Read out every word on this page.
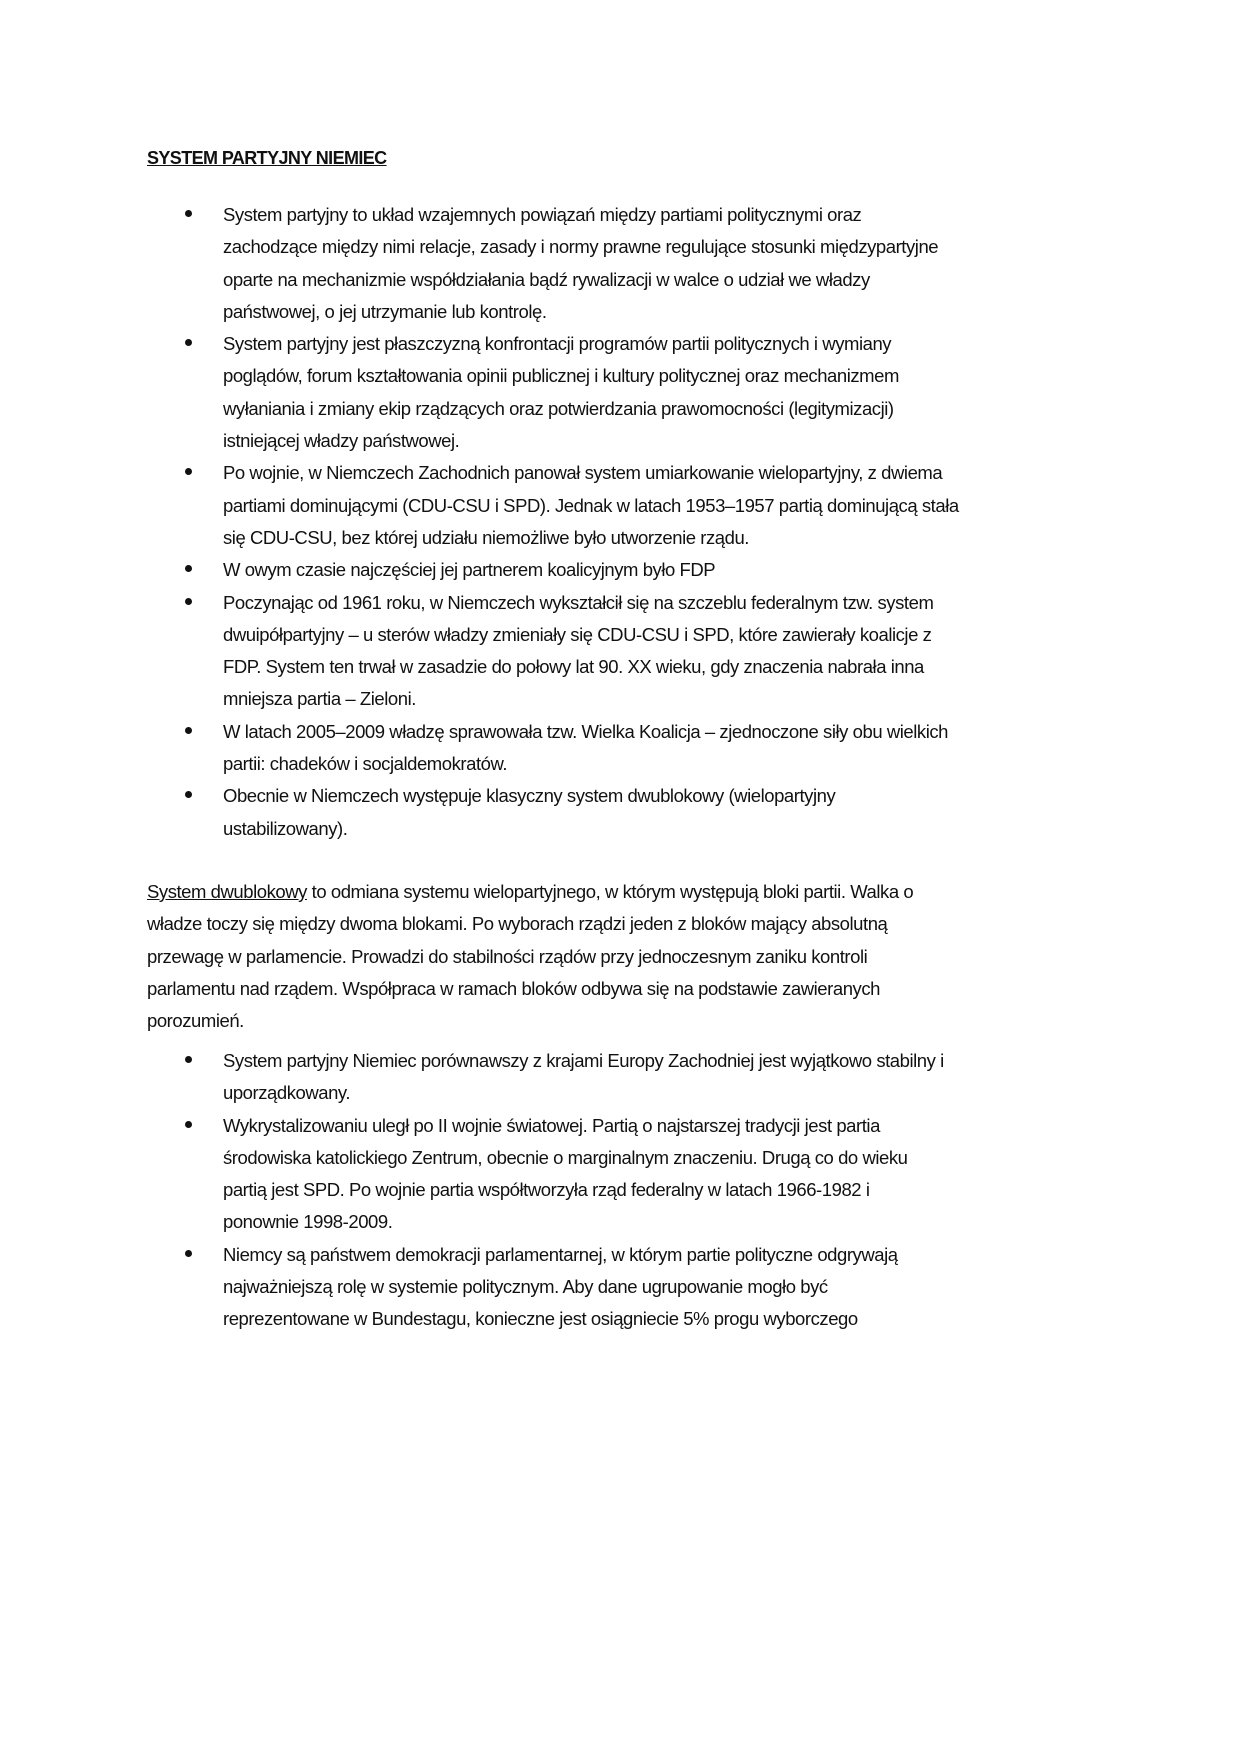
SYSTEM PARTYJNY NIEMIEC
System partyjny to układ wzajemnych powiązań między partiami politycznymi oraz
zachodzące między nimi relacje, zasady i normy prawne regulujące stosunki międzypartyjne
oparte na mechanizmie współdziałania bądź rywalizacji w walce o udział we władzy
państwowej, o jej utrzymanie lub kontrolę.
System partyjny jest płaszczyzną konfrontacji programów partii politycznych i wymiany
poglądów, forum kształtowania opinii publicznej i kultury politycznej oraz mechanizmem
wyłaniania i zmiany ekip rządzących oraz potwierdzania prawomocności (legitymizacji)
istniejącej władzy państwowej.
Po wojnie, w Niemczech Zachodnich panował system umiarkowanie wielopartyjny, z dwiema
partiami dominującymi (CDU-CSU i SPD). Jednak w latach 1953–1957 partią dominującą stała
się CDU-CSU, bez której udziału niemożliwe było utworzenie rządu.
W owym czasie najczęściej jej partnerem koalicyjnym było FDP
Poczynając od 1961 roku, w Niemczech wykształcił się na szczeblu federalnym tzw. system
dwuipółpartyjny – u sterów władzy zmieniały się CDU-CSU i SPD, które zawierały koalicje z
FDP. System ten trwał w zasadzie do połowy lat 90. XX wieku, gdy znaczenia nabrała inna
mniejsza partia – Zieloni.
W latach 2005–2009 władzę sprawowała tzw. Wielka Koalicja – zjednoczone siły obu wielkich
partii: chadeków i socjaldemokratów.
Obecnie w Niemczech występuje klasyczny system dwublokowy (wielopartyjny
ustabilizowany).
System dwublokowy to odmiana systemu wielopartyjnego, w którym występują bloki partii. Walka o
władze toczy się między dwoma blokami. Po wyborach rządzi jeden z bloków mający absolutną
przewagę w parlamencie. Prowadzi do stabilności rządów przy jednoczesnym zaniku kontroli
parlamentu nad rządem. Współpraca w ramach bloków odbywa się na podstawie zawieranych
porozumień.
System partyjny Niemiec porównawszy z krajami Europy Zachodniej jest wyjątkowo stabilny i
uporządkowany.
Wykrystalizowaniu uległ po II wojnie światowej. Partią o najstarszej tradycji jest partia
środowiska katolickiego Zentrum, obecnie o marginalnym znaczeniu. Drugą co do wieku
partią jest SPD. Po wojnie partia współtworzyła rząd federalny w latach 1966-1982 i
ponownie 1998-2009.
Niemcy są państwem demokracji parlamentarnej, w którym partie polityczne odgrywają
najważniejszą rolę w systemie politycznym. Aby dane ugrupowanie mogło być
reprezentowane w Bundestagu, konieczne jest osiągniecie 5% progu wyborczego
